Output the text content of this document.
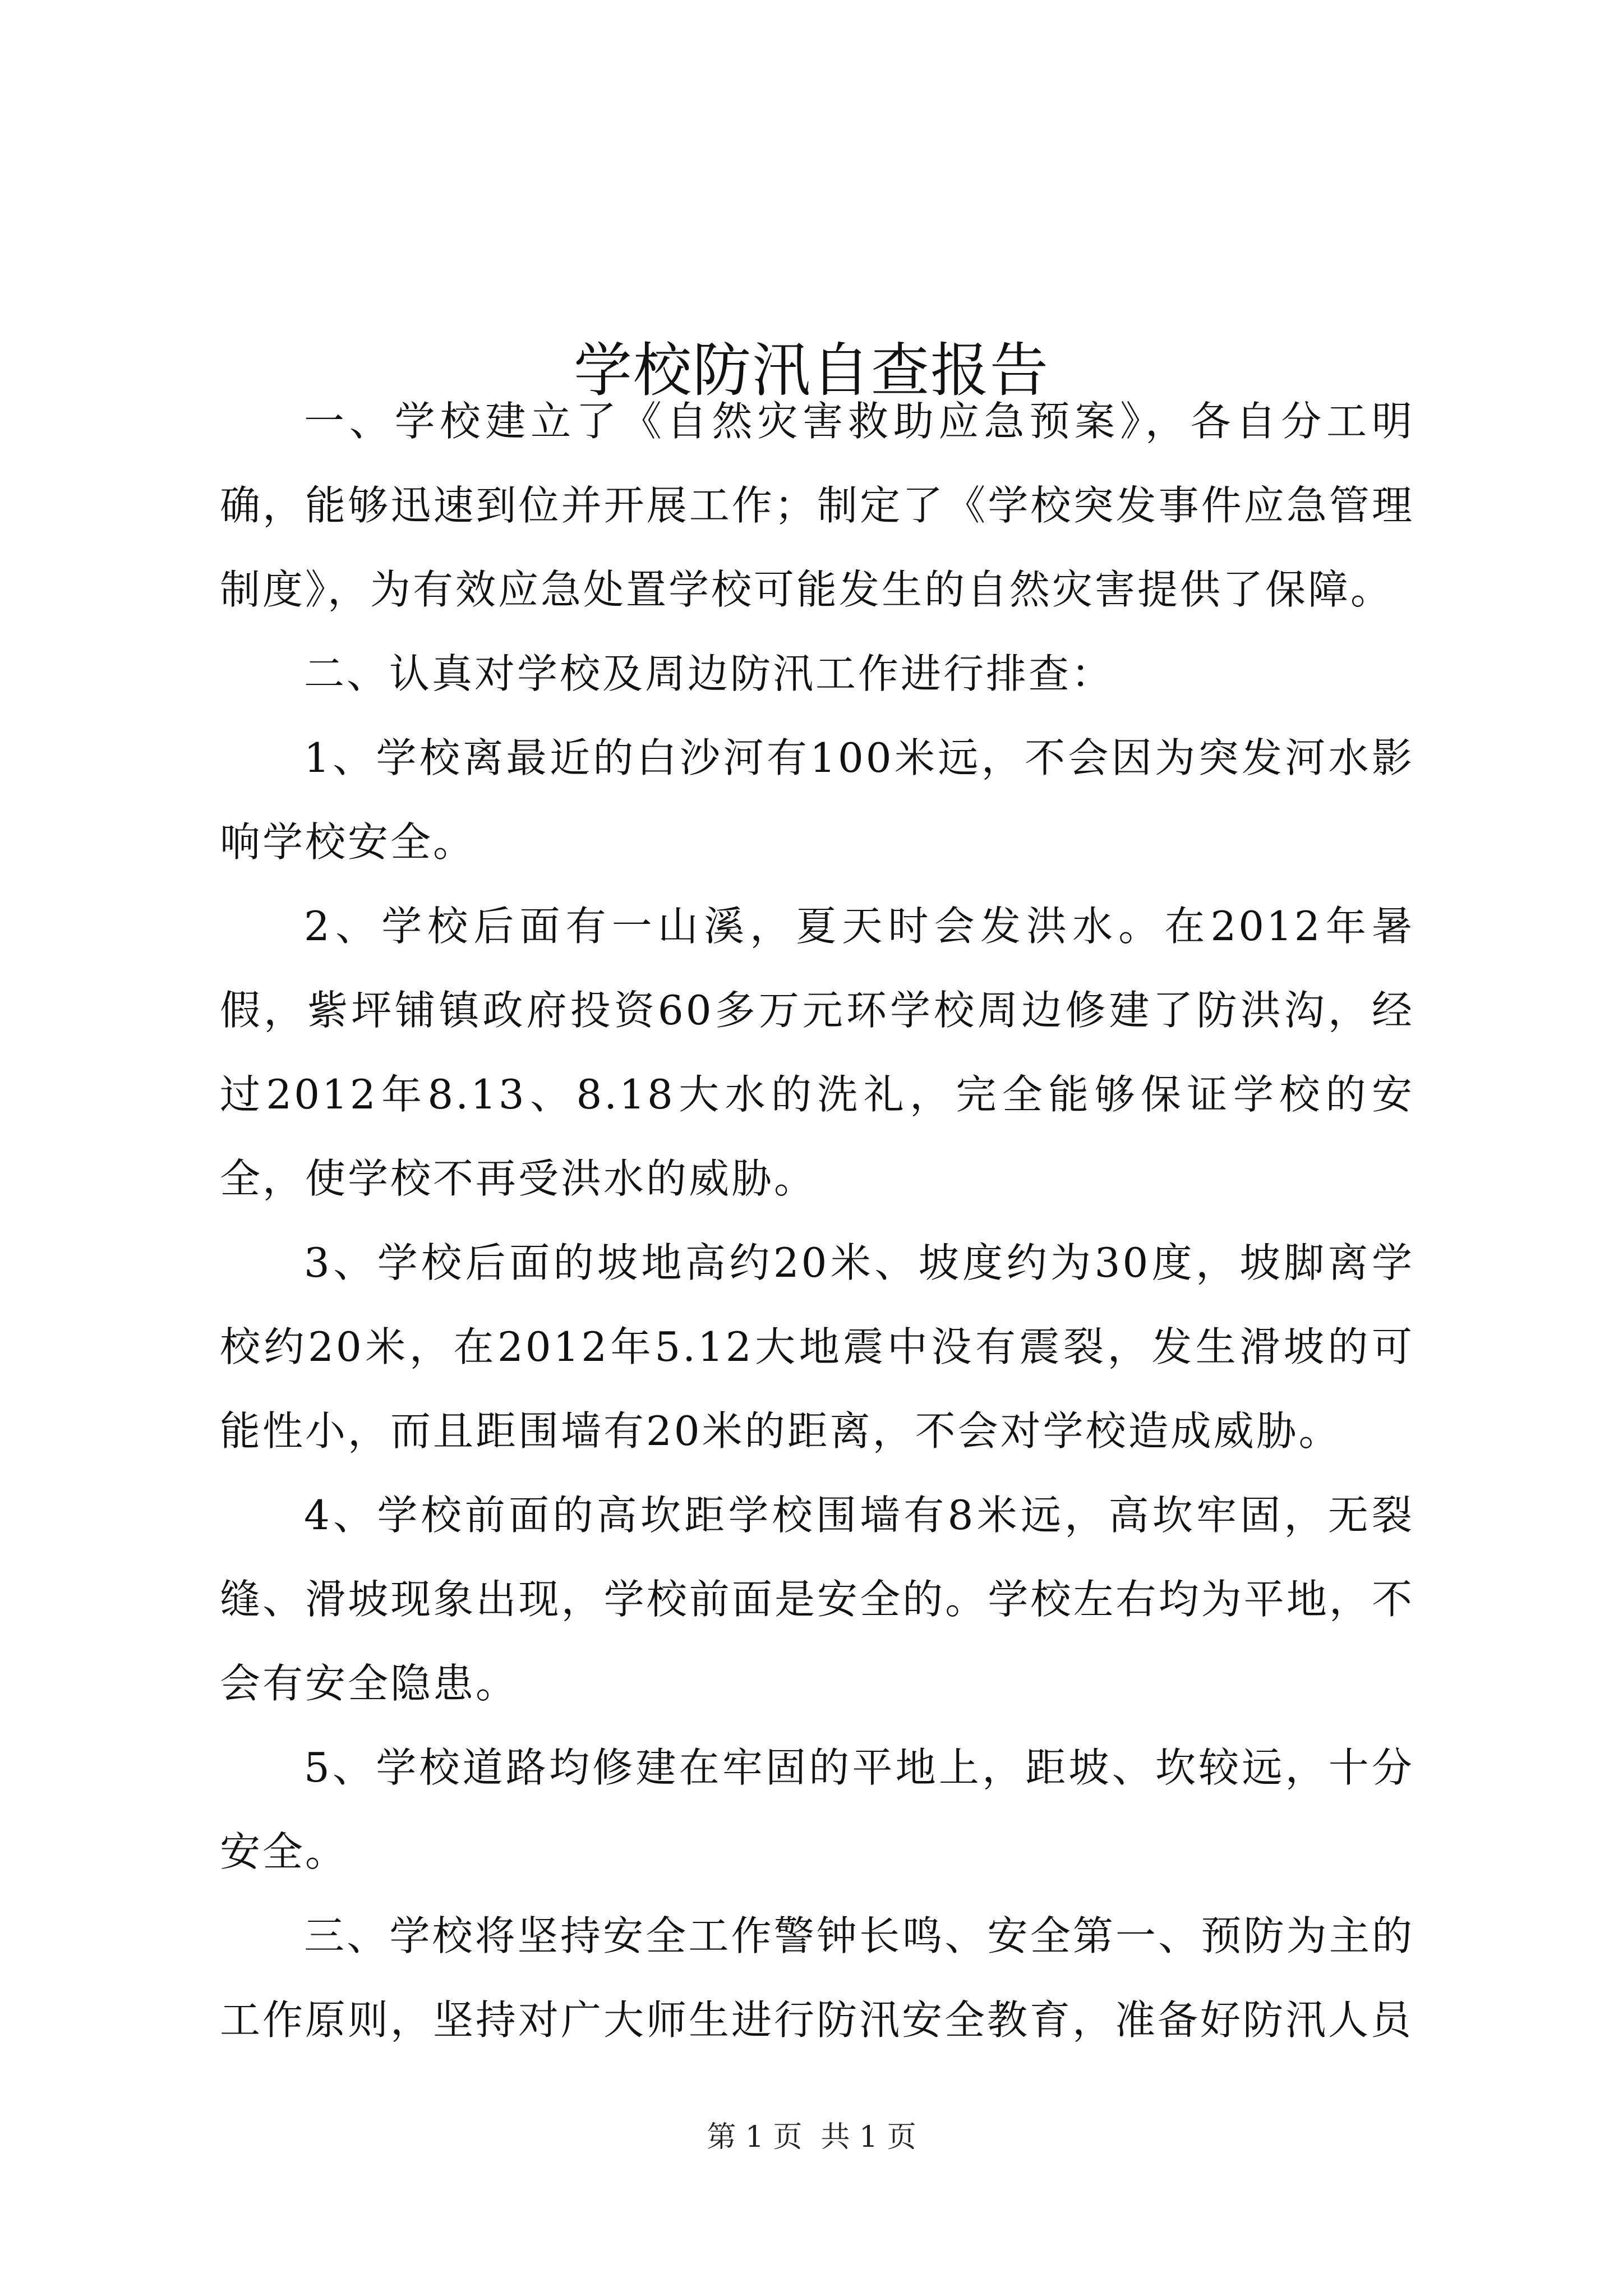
学校防汛自查报告

一、学校建立了《自然灾害救助应急预案》，各自分工明确，能够迅速到位并开展工作；制定了《学校突发事件应急管理制度》，为有效应急处置学校可能发生的自然灾害提供了保障。

二、认真对学校及周边防汛工作进行排查：

1、学校离最近的白沙河有100米远，不会因为突发河水影响学校安全。

2、学校后面有一山溪，夏天时会发洪水。在2012年暑假，紫坪铺镇政府投资60多万元环学校周边修建了防洪沟，经过2012年8.13、8.18大水的洗礼，完全能够保证学校的安全，使学校不再受洪水的威胁。

3、学校后面的坡地高约20米、坡度约为30度，坡脚离学校约20米，在2012年5.12大地震中没有震裂，发生滑坡的可能性小，而且距围墙有20米的距离，不会对学校造成威胁。

4、学校前面的高坎距学校围墙有8米远，高坎牢固，无裂缝、滑坡现象出现，学校前面是安全的。学校左右均为平地，不会有安全隐患。

5、学校道路均修建在牢固的平地上，距坡、坎较远，十分安全。

三、学校将坚持安全工作警钟长鸣、安全第一、预防为主的工作原则，坚持对广大师生进行防汛安全教育，准备好防汛人员

第 1 页  共 1 页
